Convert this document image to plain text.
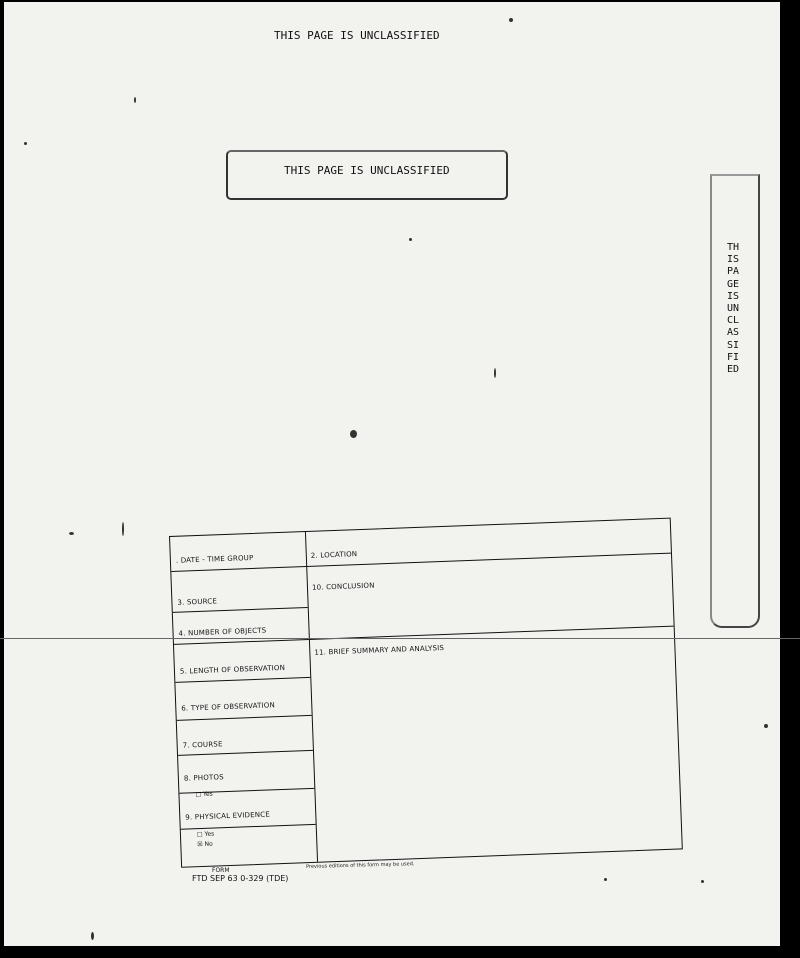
THIS PAGE IS UNCLASSIFIED
THIS PAGE IS UNCLASSIFIED
THIS PAGE IS UNCLASSIFIED
. DATE - TIME GROUP	2. LOCATION
3. SOURCE
10. CONCLUSION
4. NUMBER OF OBJECTS
5. LENGTH OF OBSERVATION
11. BRIEF SUMMARY AND ANALYSIS
6. TYPE OF OBSERVATION
7. COURSE
8. PHOTOS
□ Yes
9. PHYSICAL EVIDENCE
□ Yes
☒ No
FORM
FTD SEP 63 0-329 (TDE)
Previous editions of this form may be used.
